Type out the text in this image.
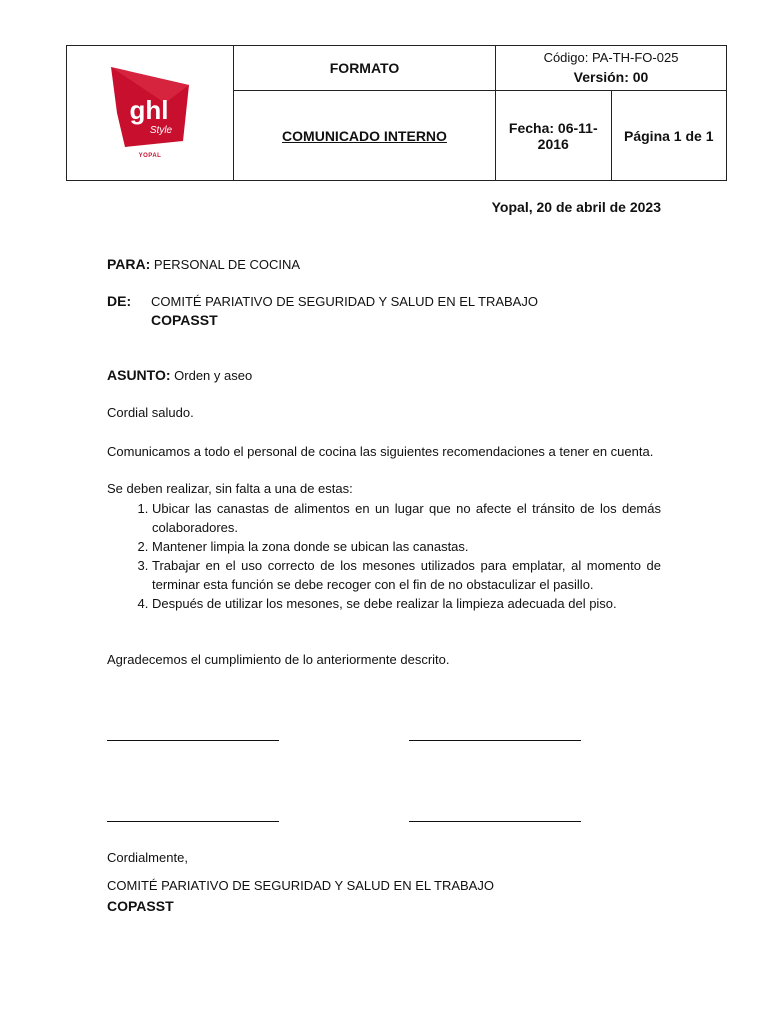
ghl
Style
YOPAL	FORMATO	Código: PA-TH-FO-025
Versión: 00	

	COMUNICADO INTERNO	Fecha: 06-11-2016	Página 1 de 1
Yopal, 20 de abril de 2023
PARA: PERSONAL DE COCINA
DE: COMITÉ PARIATIVO DE SEGURIDAD Y SALUD EN EL TRABAJO
COPASST
ASUNTO: Orden y aseo
Cordial saludo.
Comunicamos a todo el personal de cocina las siguientes recomendaciones a tener en cuenta.
Se deben realizar, sin falta a una de estas:
1. Ubicar las canastas de alimentos en un lugar que no afecte el tránsito de los demás colaboradores.
2. Mantener limpia la zona donde se ubican las canastas.
3. Trabajar en el uso correcto de los mesones utilizados para emplatar, al momento de terminar esta función se debe recoger con el fin de no obstaculizar el pasillo.
4. Después de utilizar los mesones, se debe realizar la limpieza adecuada del piso.
Agradecemos el cumplimiento de lo anteriormente descrito.
Cordialmente,
COMITÉ PARIATIVO DE SEGURIDAD Y SALUD EN EL TRABAJO
COPASST
